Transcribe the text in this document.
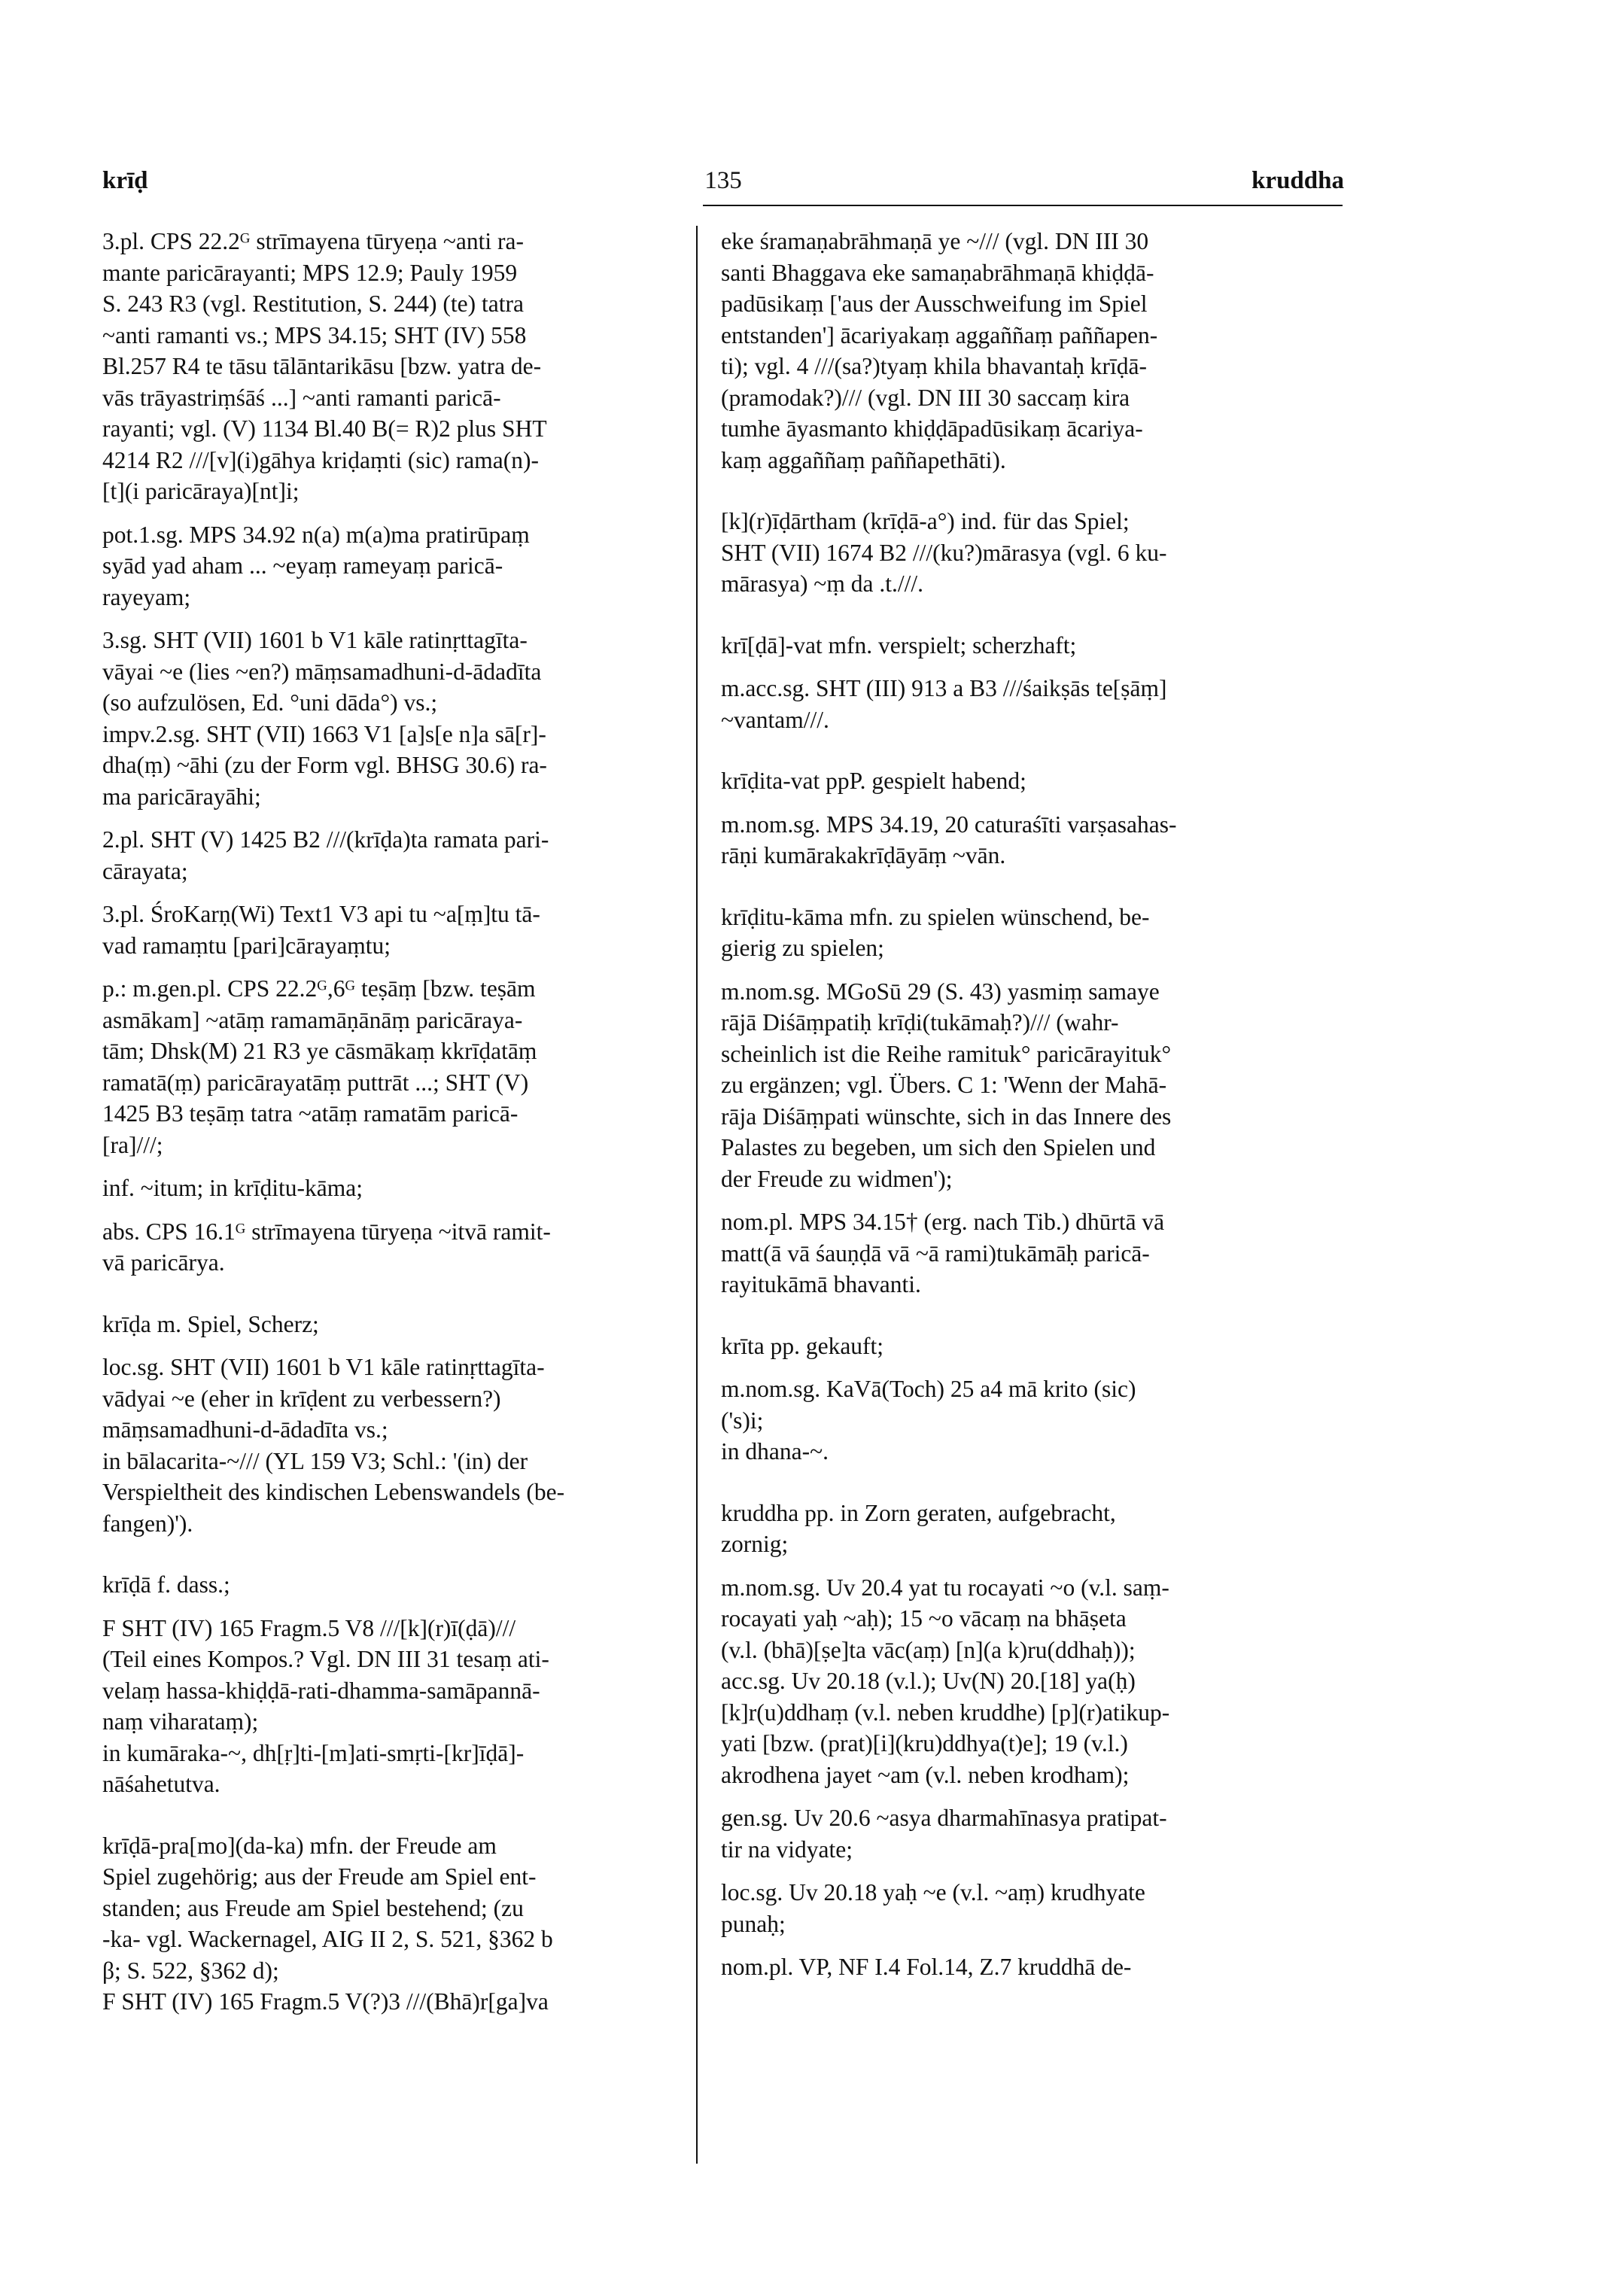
krīḍ	135	kruddha
3.pl. CPS 22.2ᴳ strīmayena tūryeṇa ~anti ra-
mante paricārayanti; MPS 12.9; Pauly 1959
S. 243 R3 (vgl. Restitution, S. 244) (te) tatra
~anti ramanti vs.; MPS 34.15; SHT (IV) 558
Bl.257 R4 te tāsu tālāntarikāsu [bzw. yatra de-
vās trāyastriṃśāś ...] ~anti ramanti paricā-
rayanti; vgl. (V) 1134 Bl.40 B(= R)2 plus SHT
4214 R2 ///[v](i)gāhya kriḍaṃti (sic) rama(n)-
[t](i paricāraya)[nt]i;
pot.1.sg. MPS 34.92 n(a) m(a)ma pratirūpaṃ
syād yad aham ... ~eyaṃ rameyaṃ paricā-
rayeyam;
3.sg. SHT (VII) 1601 b V1 kāle ratinṛttagīta-
vāyai ~e (lies ~en?) māṃsamadhuni-d-ādadīta
(so aufzulösen, Ed. °uni dāda°) vs.;
impv.2.sg. SHT (VII) 1663 V1 [a]s[e n]a sā[r]-
dha(ṃ) ~āhi (zu der Form vgl. BHSG 30.6) ra-
ma paricārayāhi;
2.pl. SHT (V) 1425 B2 ///(krīḍa)ta ramata pari-
cārayata;
3.pl. ŚroKarṇ(Wi) Text1 V3 api tu ~a[ṃ]tu tā-
vad ramaṃtu [pari]cārayaṃtu;
p.: m.gen.pl. CPS 22.2ᴳ,6ᴳ teṣāṃ [bzw. teṣām
asmākam] ~atāṃ ramamāṇānāṃ paricāraya-
tām; Dhsk(M) 21 R3 ye cāsmākaṃ kkrīḍatāṃ
ramatā(ṃ) paricārayatāṃ puttrāt ...; SHT (V)
1425 B3 teṣāṃ tatra ~atāṃ ramatām paricā-
[ra]///;
inf. ~itum; in krīḍitu-kāma;
abs. CPS 16.1ᴳ strīmayena tūryeṇa ~itvā ramit-
vā paricārya.
krīḍa m. Spiel, Scherz;
loc.sg. SHT (VII) 1601 b V1 kāle ratinṛttagīta-
vādyai ~e (eher in krīḍent zu verbessern?)
māṃsamadhuni-d-ādadīta vs.;
in bālacarita-~/// (YL 159 V3; Schl.: '(in) der
Verspieltheit des kindischen Lebenswandels (be-
fangen)').
krīḍā f. dass.;
F SHT (IV) 165 Fragm.5 V8 ///[k](r)ī(ḍā)///
(Teil eines Kompos.? Vgl. DN III 31 tesaṃ ati-
velaṃ hassa-khiḍḍā-rati-dhamma-samāpannā-
naṃ viharataṃ);
in kumāraka-~, dh[ṛ]ti-[m]ati-smṛti-[kr]īḍā]-
nāśahetutva.
krīḍā-pra[mo](da-ka) mfn. der Freude am
Spiel zugehörig; aus der Freude am Spiel ent-
standen; aus Freude am Spiel bestehend; (zu
-ka- vgl. Wackernagel, AIG II 2, S. 521, §362 b
β; S. 522, §362 d);
F SHT (IV) 165 Fragm.5 V(?)3 ///(Bhā)r[ga]va
eke śramaṇabrāhmaṇā ye ~/// (vgl. DN III 30
santi Bhaggava eke samaṇabrāhmaṇā khiḍḍā-
padūsikaṃ ['aus der Ausschweifung im Spiel
entstanden'] ācariyakaṃ aggaññaṃ paññapen-
ti); vgl. 4 ///(sa?)tyaṃ khila bhavantaḥ krīḍā-
(pramodak?)/// (vgl. DN III 30 saccaṃ kira
tumhe āyasmanto khiḍḍāpadūsikaṃ ācariya-
kaṃ aggaññaṃ paññapethāti).
[k](r)īḍārtham (krīḍā-a°) ind. für das Spiel;
SHT (VII) 1674 B2 ///(ku?)mārasya (vgl. 6 ku-
mārasya) ~ṃ da .t.///.
krī[ḍā]-vat mfn. verspielt; scherzhaft;
m.acc.sg. SHT (III) 913 a B3 ///śaikṣās te[ṣāṃ]
~vantam///.
krīḍita-vat ppP. gespielt habend;
m.nom.sg. MPS 34.19, 20 caturaśīti varṣasahas-
rāṇi kumārakakrīḍāyāṃ ~vān.
krīḍitu-kāma mfn. zu spielen wünschend, be-
gierig zu spielen;
m.nom.sg. MGoSū 29 (S. 43) yasmiṃ samaye
rājā Diśāṃpatiḥ krīḍi(tukāmaḥ?)/// (wahr-
scheinlich ist die Reihe ramituk° paricārayituk°
zu ergänzen; vgl. Übers. C 1: 'Wenn der Mahā-
rāja Diśāṃpati wünschte, sich in das Innere des
Palastes zu begeben, um sich den Spielen und
der Freude zu widmen');
nom.pl. MPS 34.15† (erg. nach Tib.) dhūrtā vā
matt(ā vā śauṇḍā vā ~ā rami)tukāmāḥ paricā-
rayitukāmā bhavanti.
krīta pp. gekauft;
m.nom.sg. KaVā(Toch) 25 a4 mā krito (sic)
('s)i;
in dhana-~.
kruddha pp. in Zorn geraten, aufgebracht,
zornig;
m.nom.sg. Uv 20.4 yat tu rocayati ~o (v.l. saṃ-
rocayati yaḥ ~aḥ); 15 ~o vācaṃ na bhāṣeta
(v.l. (bhā)[ṣe]ta vāc(aṃ) [n](a k)ru(ddhaḥ));
acc.sg. Uv 20.18 (v.l.); Uv(N) 20.[18] ya(ḥ)
[k]r(u)ddhaṃ (v.l. neben kruddhe) [p](r)atikup-
yati [bzw. (prat)[i](kru)ddhya(t)e]; 19 (v.l.)
akrodhena jayet ~am (v.l. neben krodham);
gen.sg. Uv 20.6 ~asya dharmahīnasya pratipat-
tir na vidyate;
loc.sg. Uv 20.18 yaḥ ~e (v.l. ~aṃ) krudhyate
punaḥ;
nom.pl. VP, NF I.4 Fol.14, Z.7 kruddhā de-
